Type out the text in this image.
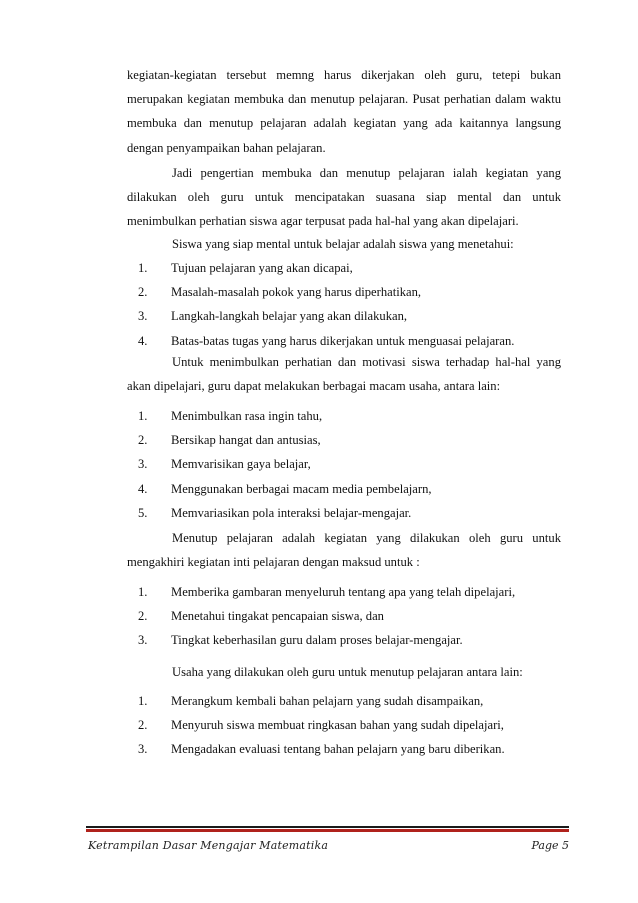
kegiatan-kegiatan tersebut memng harus dikerjakan oleh guru, tetepi bukan merupakan kegiatan membuka dan menutup pelajaran. Pusat perhatian dalam waktu membuka dan menutup pelajaran adalah kegiatan yang ada kaitannya langsung dengan penyampaikan bahan pelajaran.

Jadi pengertian membuka dan menutup pelajaran ialah kegiatan yang dilakukan oleh guru untuk mencipatakan suasana siap mental dan untuk menimbulkan perhatian siswa agar terpusat pada hal-hal yang akan dipelajari.

Siswa yang siap mental untuk belajar adalah siswa yang menetahui:

1. Tujuan pelajaran yang akan dicapai,
2. Masalah-masalah pokok yang harus diperhatikan,
3. Langkah-langkah belajar yang akan dilakukan,
4. Batas-batas tugas yang harus dikerjakan untuk menguasai pelajaran.

Untuk menimbulkan perhatian dan motivasi siswa terhadap hal-hal yang akan dipelajari, guru dapat melakukan berbagai macam usaha, antara lain:

1. Menimbulkan rasa ingin tahu,
2. Bersikap hangat dan antusias,
3. Memvarisikan gaya belajar,
4. Menggunakan berbagai macam media pembelajarn,
5. Memvariasikan pola interaksi belajar-mengajar.

Menutup pelajaran adalah kegiatan yang dilakukan oleh guru untuk mengakhiri kegiatan inti pelajaran dengan maksud untuk :

1. Memberika gambaran menyeluruh tentang apa yang telah dipelajari,
2. Menetahui tingakat pencapaian siswa, dan
3. Tingkat keberhasilan guru dalam proses belajar-mengajar.

Usaha yang dilakukan oleh guru untuk menutup pelajaran antara lain:

1. Merangkum kembali bahan pelajarn yang sudah disampaikan,
2. Menyuruh siswa membuat ringkasan bahan yang sudah dipelajari,
3. Mengadakan evaluasi tentang bahan pelajarn yang baru diberikan.
Ketrampilan Dasar Mengajar Matematika	Page 5
